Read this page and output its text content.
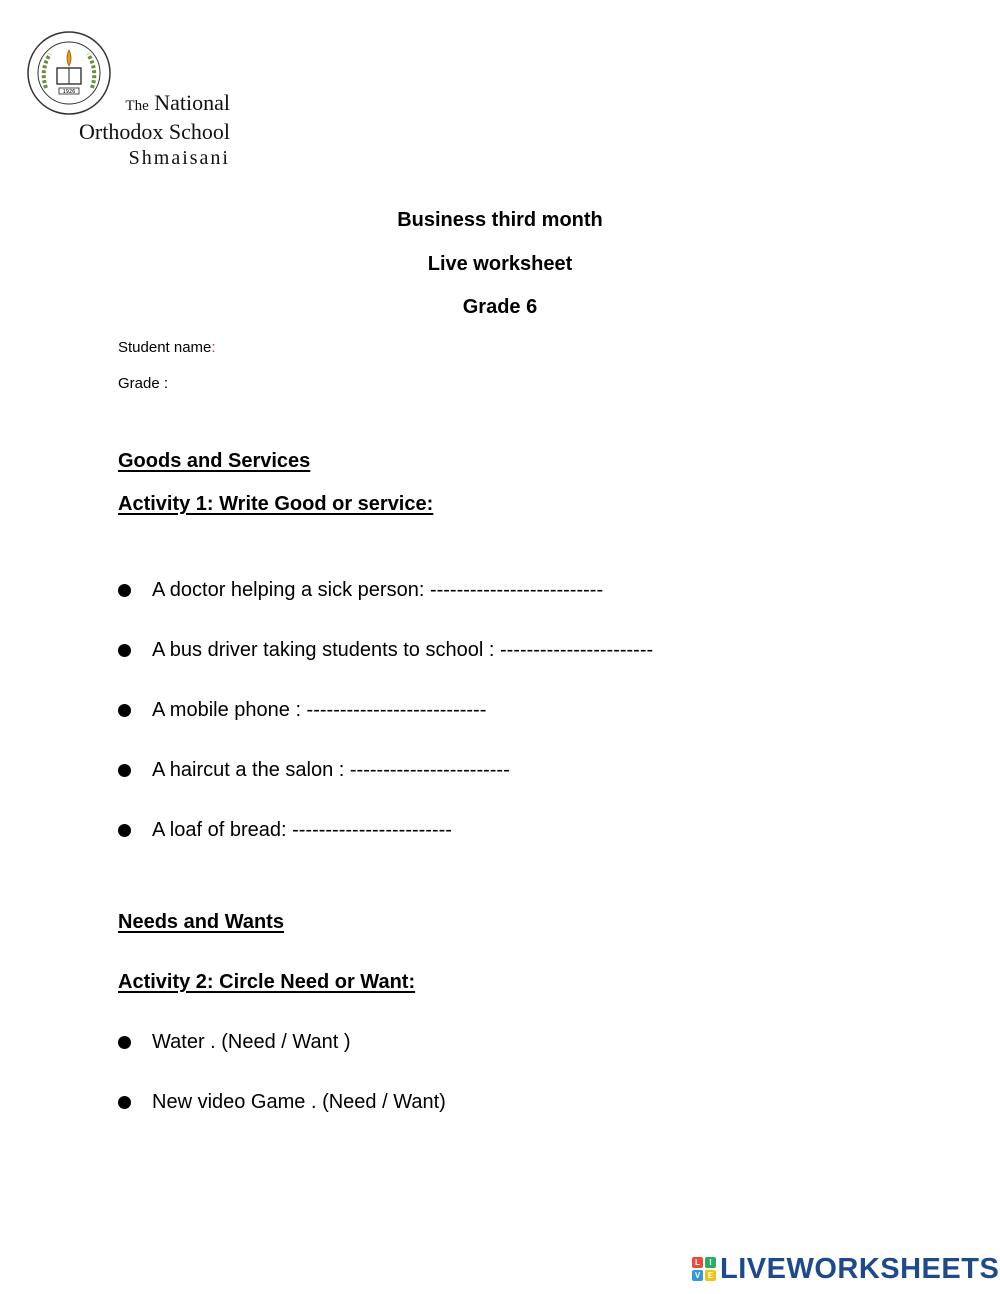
1926
The National
Orthodox School
Shmaisani
Business third month
Live worksheet
Grade 6
Student name:
Grade :
Goods and Services
Activity 1: Write Good or service:
A doctor helping a sick person: --------------------------
A bus driver taking students to school : -----------------------
A mobile phone : ---------------------------
A haircut a the salon : ------------------------
A loaf of bread: ------------------------
Needs and Wants
Activity 2: Circle Need or Want:
Water . (Need / Want )
New video Game . (Need / Want)
L	I
V E LIVEWORKSHEETS
